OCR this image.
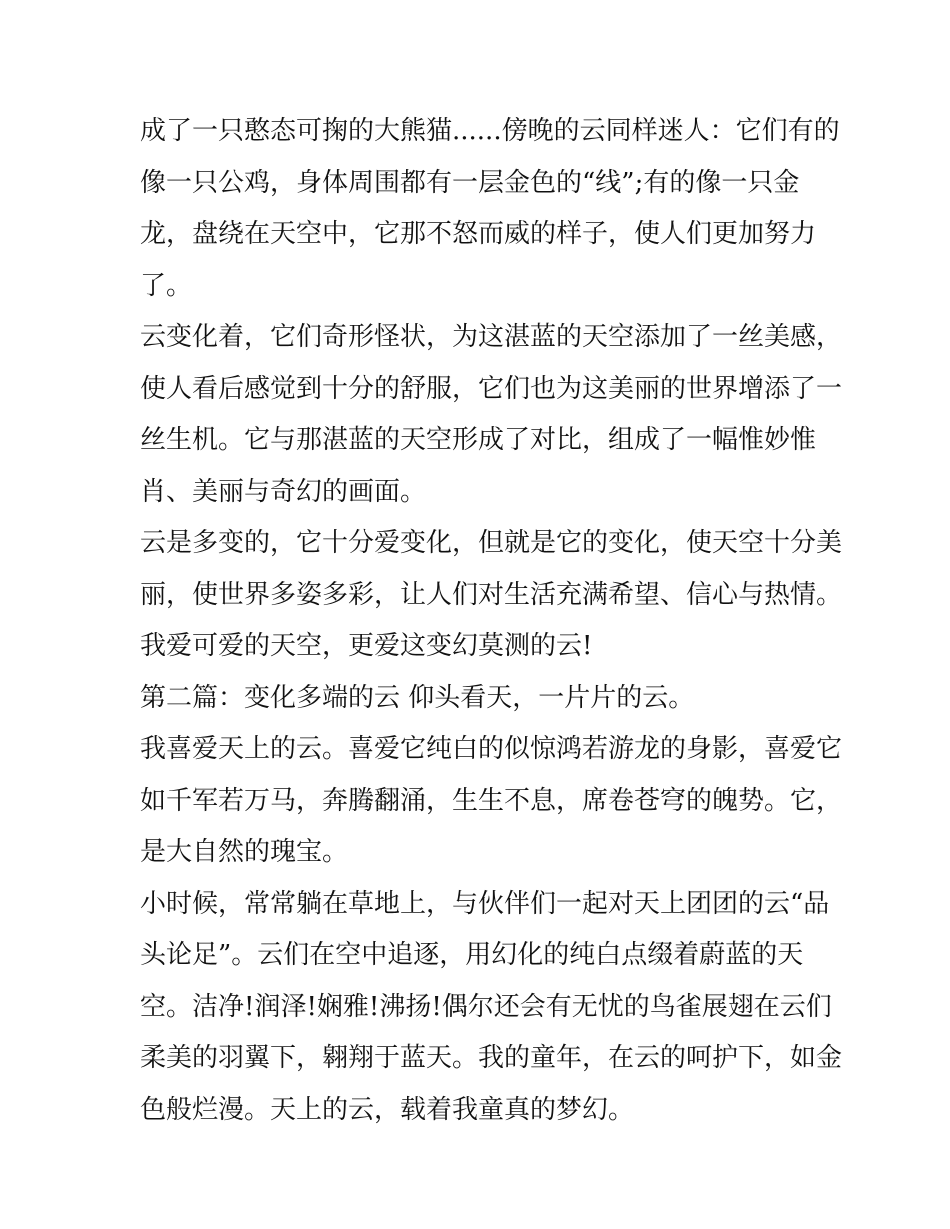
成了一只憨态可掬的大熊猫......傍晚的云同样迷人：它们有的
像一只公鸡，身体周围都有一层金色的“线”;有的像一只金
龙，盘绕在天空中，它那不怒而威的样子，使人们更加努力
了。
云变化着，它们奇形怪状，为这湛蓝的天空添加了一丝美感，
使人看后感觉到十分的舒服，它们也为这美丽的世界增添了一
丝生机。它与那湛蓝的天空形成了对比，组成了一幅惟妙惟
肖、美丽与奇幻的画面。
云是多变的，它十分爱变化，但就是它的变化，使天空十分美
丽，使世界多姿多彩，让人们对生活充满希望、信心与热情。
我爱可爱的天空，更爱这变幻莫测的云!
第二篇：变化多端的云 仰头看天，一片片的云。
我喜爱天上的云。喜爱它纯白的似惊鸿若游龙的身影，喜爱它
如千军若万马，奔腾翻涌，生生不息，席卷苍穹的魄势。它，
是大自然的瑰宝。
小时候，常常躺在草地上，与伙伴们一起对天上团团的云“品
头论足”。云们在空中追逐，用幻化的纯白点缀着蔚蓝的天
空。洁净!润泽!娴雅!沸扬!偶尔还会有无忧的鸟雀展翅在云们
柔美的羽翼下，翱翔于蓝天。我的童年，在云的呵护下，如金
色般烂漫。天上的云，载着我童真的梦幻。
